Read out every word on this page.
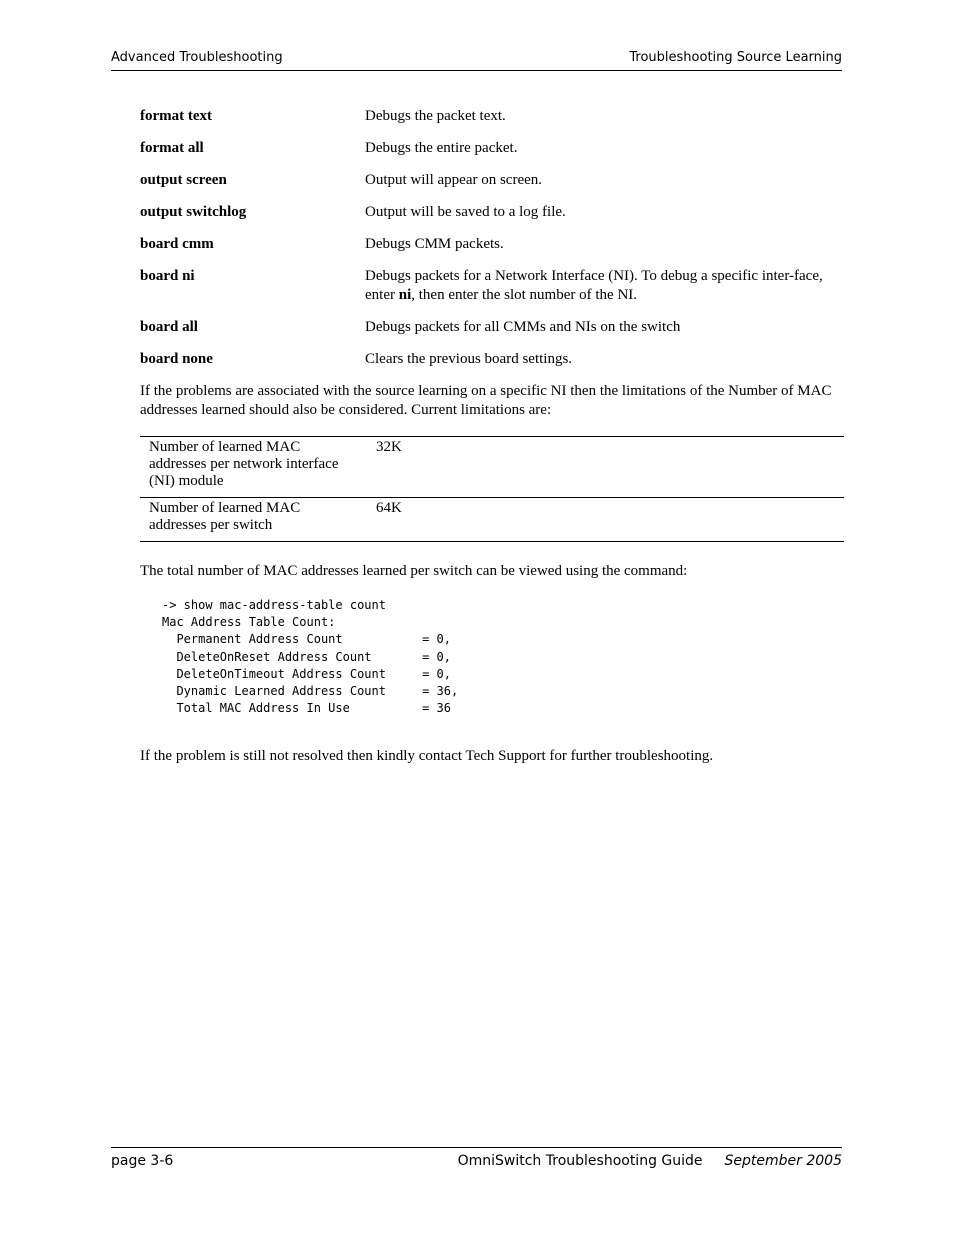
Advanced Troubleshooting	Troubleshooting Source Learning
format text	Debugs the packet text.
format all	Debugs the entire packet.
output screen	Output will appear on screen.
output switchlog	Output will be saved to a log file.
board cmm	Debugs CMM packets.
board ni	Debugs packets for a Network Interface (NI). To debug a specific inter-face, enter ni, then enter the slot number of the NI.
board all	Debugs packets for all CMMs and NIs on the switch
board none	Clears the previous board settings.

If the problems are associated with the source learning on a specific NI then the limitations of the Number of MAC addresses learned should also be considered. Current limitations are:

Number of learned MAC addresses per network interface (NI) module	32K
Number of learned MAC addresses per switch	64K

The total number of MAC addresses learned per switch can be viewed using the command:

-> show mac-address-table count
Mac Address Table Count:
Permanent Address Count           = 0,
DeleteOnReset Address Count       = 0,
DeleteOnTimeout Address Count     = 0,
Dynamic Learned Address Count     = 36,
Total MAC Address In Use          = 36

If the problem is still not resolved then kindly contact Tech Support for further troubleshooting.

page 3-6	OmniSwitch Troubleshooting Guide September 2005
